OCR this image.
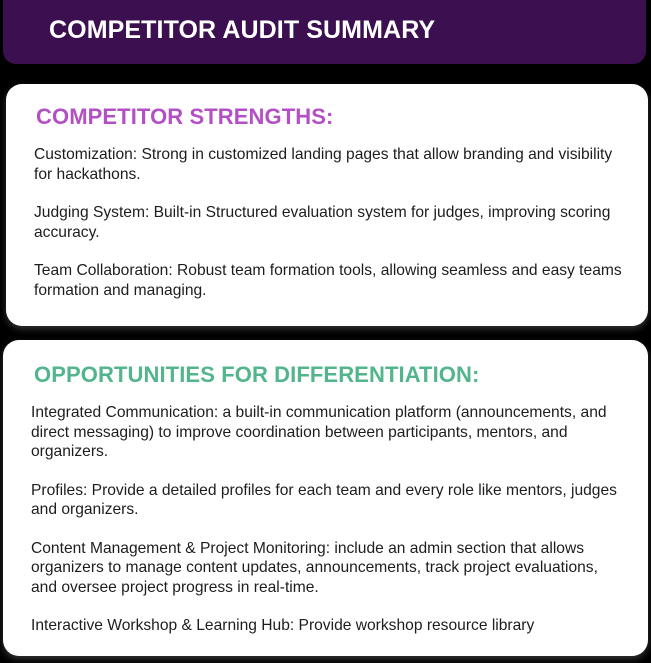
COMPETITOR AUDIT SUMMARY
COMPETITOR STRENGTHS:

Customization: Strong in customized landing pages that allow branding and visibility for hackathons.

Judging System: Built-in Structured evaluation system for judges, improving scoring accuracy.

Team Collaboration: Robust team formation tools, allowing seamless and easy teams formation and managing.

OPPORTUNITIES FOR DIFFERENTIATION:

Integrated Communication: a built-in communication platform (announcements, and direct messaging) to improve coordination between participants, mentors, and organizers.

Profiles: Provide a detailed profiles for each team and every role like mentors, judges and organizers.

Content Management & Project Monitoring: include an admin section that allows organizers to manage content updates, announcements, track project evaluations, and oversee project progress in real-time.

Interactive Workshop & Learning Hub: Provide workshop resource library
